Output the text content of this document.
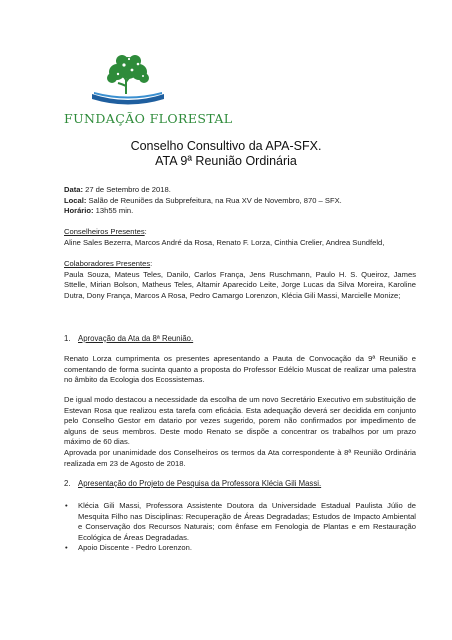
FUNDAÇÃO FLORESTAL
Conselho Consultivo da APA-SFX.
ATA 9ª Reunião Ordinária

Data: 27 de Setembro de 2018.

Local: Salão de Reuniões da Subprefeitura, na Rua XV de Novembro, 870 – SFX.

Horário: 13h55 min.

Conselheiros Presentes:

Aline Sales Bezerra, Marcos André da Rosa, Renato F. Lorza, Cinthia Crelier, Andrea Sundfeld,

Colaboradores Presentes:

Paula Souza, Mateus Teles, Danilo, Carlos França, Jens Ruschmann, Paulo H. S. Queiroz, James Sttelle, Mirian Bolson, Matheus Teles, Altamir Aparecido Leite, Jorge Lucas da Silva Moreira, Karoline Dutra, Dony França, Marcos A Rosa, Pedro Camargo Lorenzon, Klécia Gili Massi, Marcielle Monize;

1. Aprovação da Ata da 8ª Reunião.
Renato Lorza cumprimenta os presentes apresentando a Pauta de Convocação da 9ª Reunião e comentando de forma sucinta quanto a proposta do Professor Edélcio Muscat de realizar uma palestra no âmbito da Ecologia dos Ecossistemas.
De igual modo destacou a necessidade da escolha de um novo Secretário Executivo em substituição de Estevan Rosa que realizou esta tarefa com eficácia. Esta adequação deverá ser decidida em conjunto pelo Conselho Gestor em datario por vezes sugerido, porem não confirmados por impedimento de alguns de seus membros. Deste modo Renato se dispõe a concentrar os trabalhos por um prazo máximo de 60 dias.
Aprovada por unanimidade dos Conselheiros os termos da Ata correspondente à 8ª Reunião Ordinária realizada em 23 de Agosto de 2018.
2. Apresentação do Projeto de Pesquisa da Professora Klécia Gili Massi.
• Klécia Gili Massi, Professora Assistente Doutora da Universidade Estadual Paulista Júlio de Mesquita Filho nas Disciplinas: Recuperação de Áreas Degradadas; Estudos de Impacto Ambiental e Conservação dos Recursos Naturais; com ênfase em Fenologia de Plantas e em Restauração Ecológica de Áreas Degradadas.
• Apoio Discente - Pedro Lorenzon.
